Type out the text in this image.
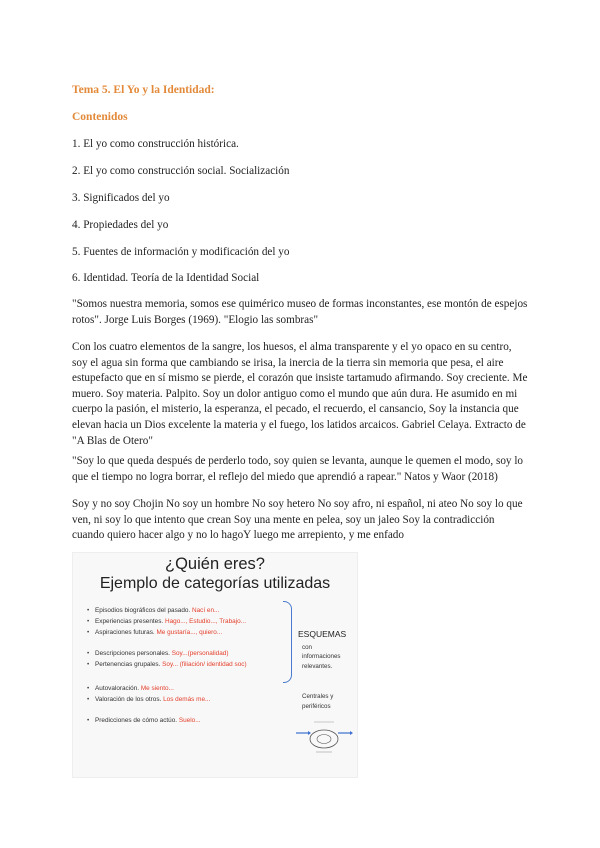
Tema 5. El Yo y la Identidad:
Contenidos
1. El yo como construcción histórica.
2. El yo como construcción social. Socialización
3. Significados del yo
4. Propiedades del yo
5. Fuentes de información y modificación del yo
6. Identidad. Teoría de la Identidad Social
"Somos nuestra memoria, somos ese quimérico museo de formas inconstantes, ese montón de espejos rotos". Jorge Luis Borges (1969). "Elogio las sombras"
Con los cuatro elementos de la sangre, los huesos, el alma transparente y el yo opaco en su centro, soy el agua sin forma que cambiando se irisa, la inercia de la tierra sin memoria que pesa, el aire estupefacto que en sí mismo se pierde, el corazón que insiste tartamudo afirmando. Soy creciente. Me muero. Soy materia. Palpito. Soy un dolor antiguo como el mundo que aún dura. He asumido en mi cuerpo la pasión, el misterio, la esperanza, el pecado, el recuerdo, el cansancio, Soy la instancia que elevan hacia un Dios excelente la materia y el fuego, los latidos arcaicos. Gabriel Celaya. Extracto de "A Blas de Otero"
"Soy lo que queda después de perderlo todo, soy quien se levanta, aunque le quemen el modo, soy lo que el tiempo no logra borrar, el reflejo del miedo que aprendió a rapear." Natos y Waor (2018)
Soy y no soy Chojin No soy un hombre No soy hetero No soy afro, ni español, ni ateo No soy lo que ven, ni soy lo que intento que crean Soy una mente en pelea, soy un jaleo Soy la contradicción cuando quiero hacer algo y no lo hagoY luego me arrepiento, y me enfado
¿Quién eres?
Ejemplo de categorías utilizadas
• Episodios biográficos del pasado. Nací en...
• Experiencias presentes. Hago..., Estudio..., Trabajo...
• Aspiraciones futuras. Me gustaría..., quiero...
• Descripciones personales. Soy...(personalidad)
• Pertenencias grupales. Soy... (filiación/ identidad soc)
• Autovaloración. Me siento...
• Valoración de los otros. Los demás me...
• Predicciones de cómo actúo. Suelo...
ESQUEMAS
con
informaciones
relevantes.
Centrales y
periféricos
